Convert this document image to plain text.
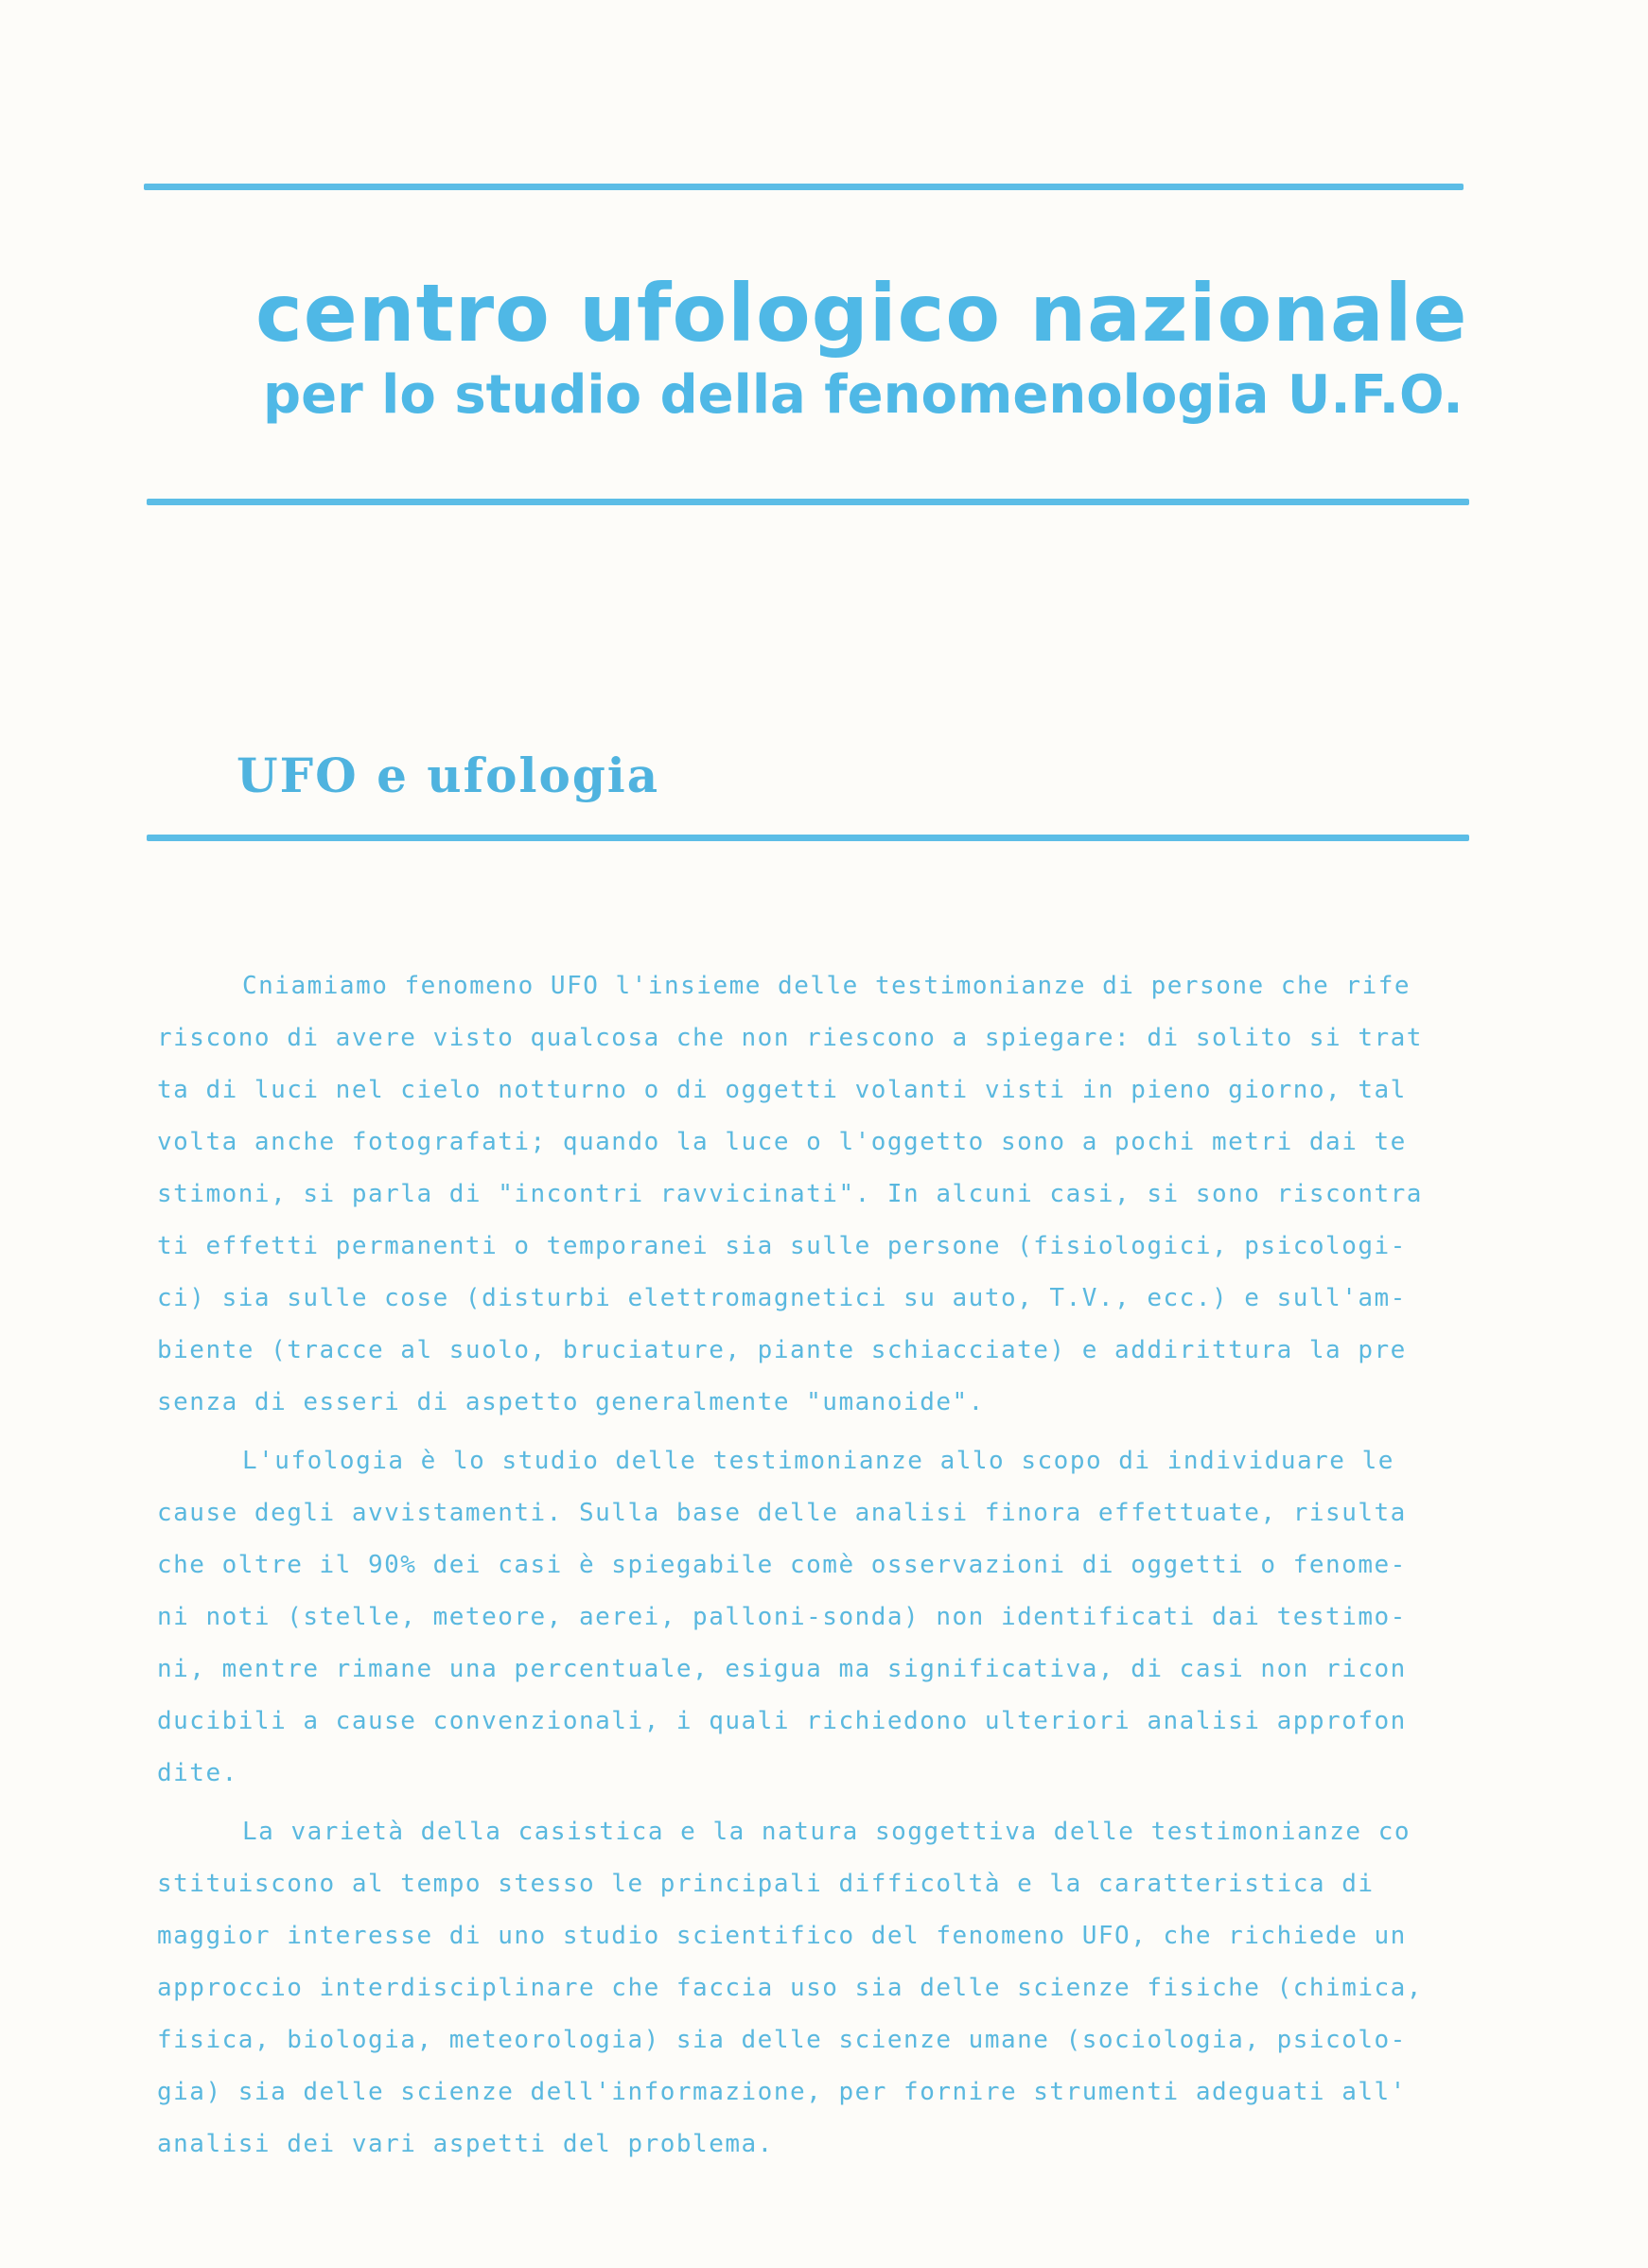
centro ufologico nazionale
per lo studio della fenomenologia U.F.O.
UFO e ufologia
Cniamiamo fenomeno UFO l'insieme delle testimonianze di persone che rife
riscono di avere visto qualcosa che non riescono a spiegare: di solito si trat
ta di luci nel cielo notturno o di oggetti volanti visti in pieno giorno, tal
volta anche fotografati; quando la luce o l'oggetto sono a pochi metri dai te
stimoni, si parla di "incontri ravvicinati". In alcuni casi, si sono riscontra
ti effetti permanenti o temporanei sia sulle persone (fisiologici, psicologi-
ci) sia sulle cose (disturbi elettromagnetici su auto, T.V., ecc.) e sull'am-
biente (tracce al suolo, bruciature, piante schiacciate) e addirittura la pre
senza di esseri di aspetto generalmente "umanoide".
L'ufologia è lo studio delle testimonianze allo scopo di individuare le
cause degli avvistamenti. Sulla base delle analisi finora effettuate, risulta
che oltre il 90% dei casi è spiegabile comè osservazioni di oggetti o fenome-
ni noti (stelle, meteore, aerei, palloni-sonda) non identificati dai testimo-
ni, mentre rimane una percentuale, esigua ma significativa, di casi non ricon
ducibili a cause convenzionali, i quali richiedono ulteriori analisi approfon
dite.
La varietà della casistica e la natura soggettiva delle testimonianze co
stituiscono al tempo stesso le principali difficoltà e la caratteristica di
maggior interesse di uno studio scientifico del fenomeno UFO, che richiede un
approccio interdisciplinare che faccia uso sia delle scienze fisiche (chimica,
fisica, biologia, meteorologia) sia delle scienze umane (sociologia, psicolo-
gia) sia delle scienze dell'informazione, per fornire strumenti adeguati all'
analisi dei vari aspetti del problema.
